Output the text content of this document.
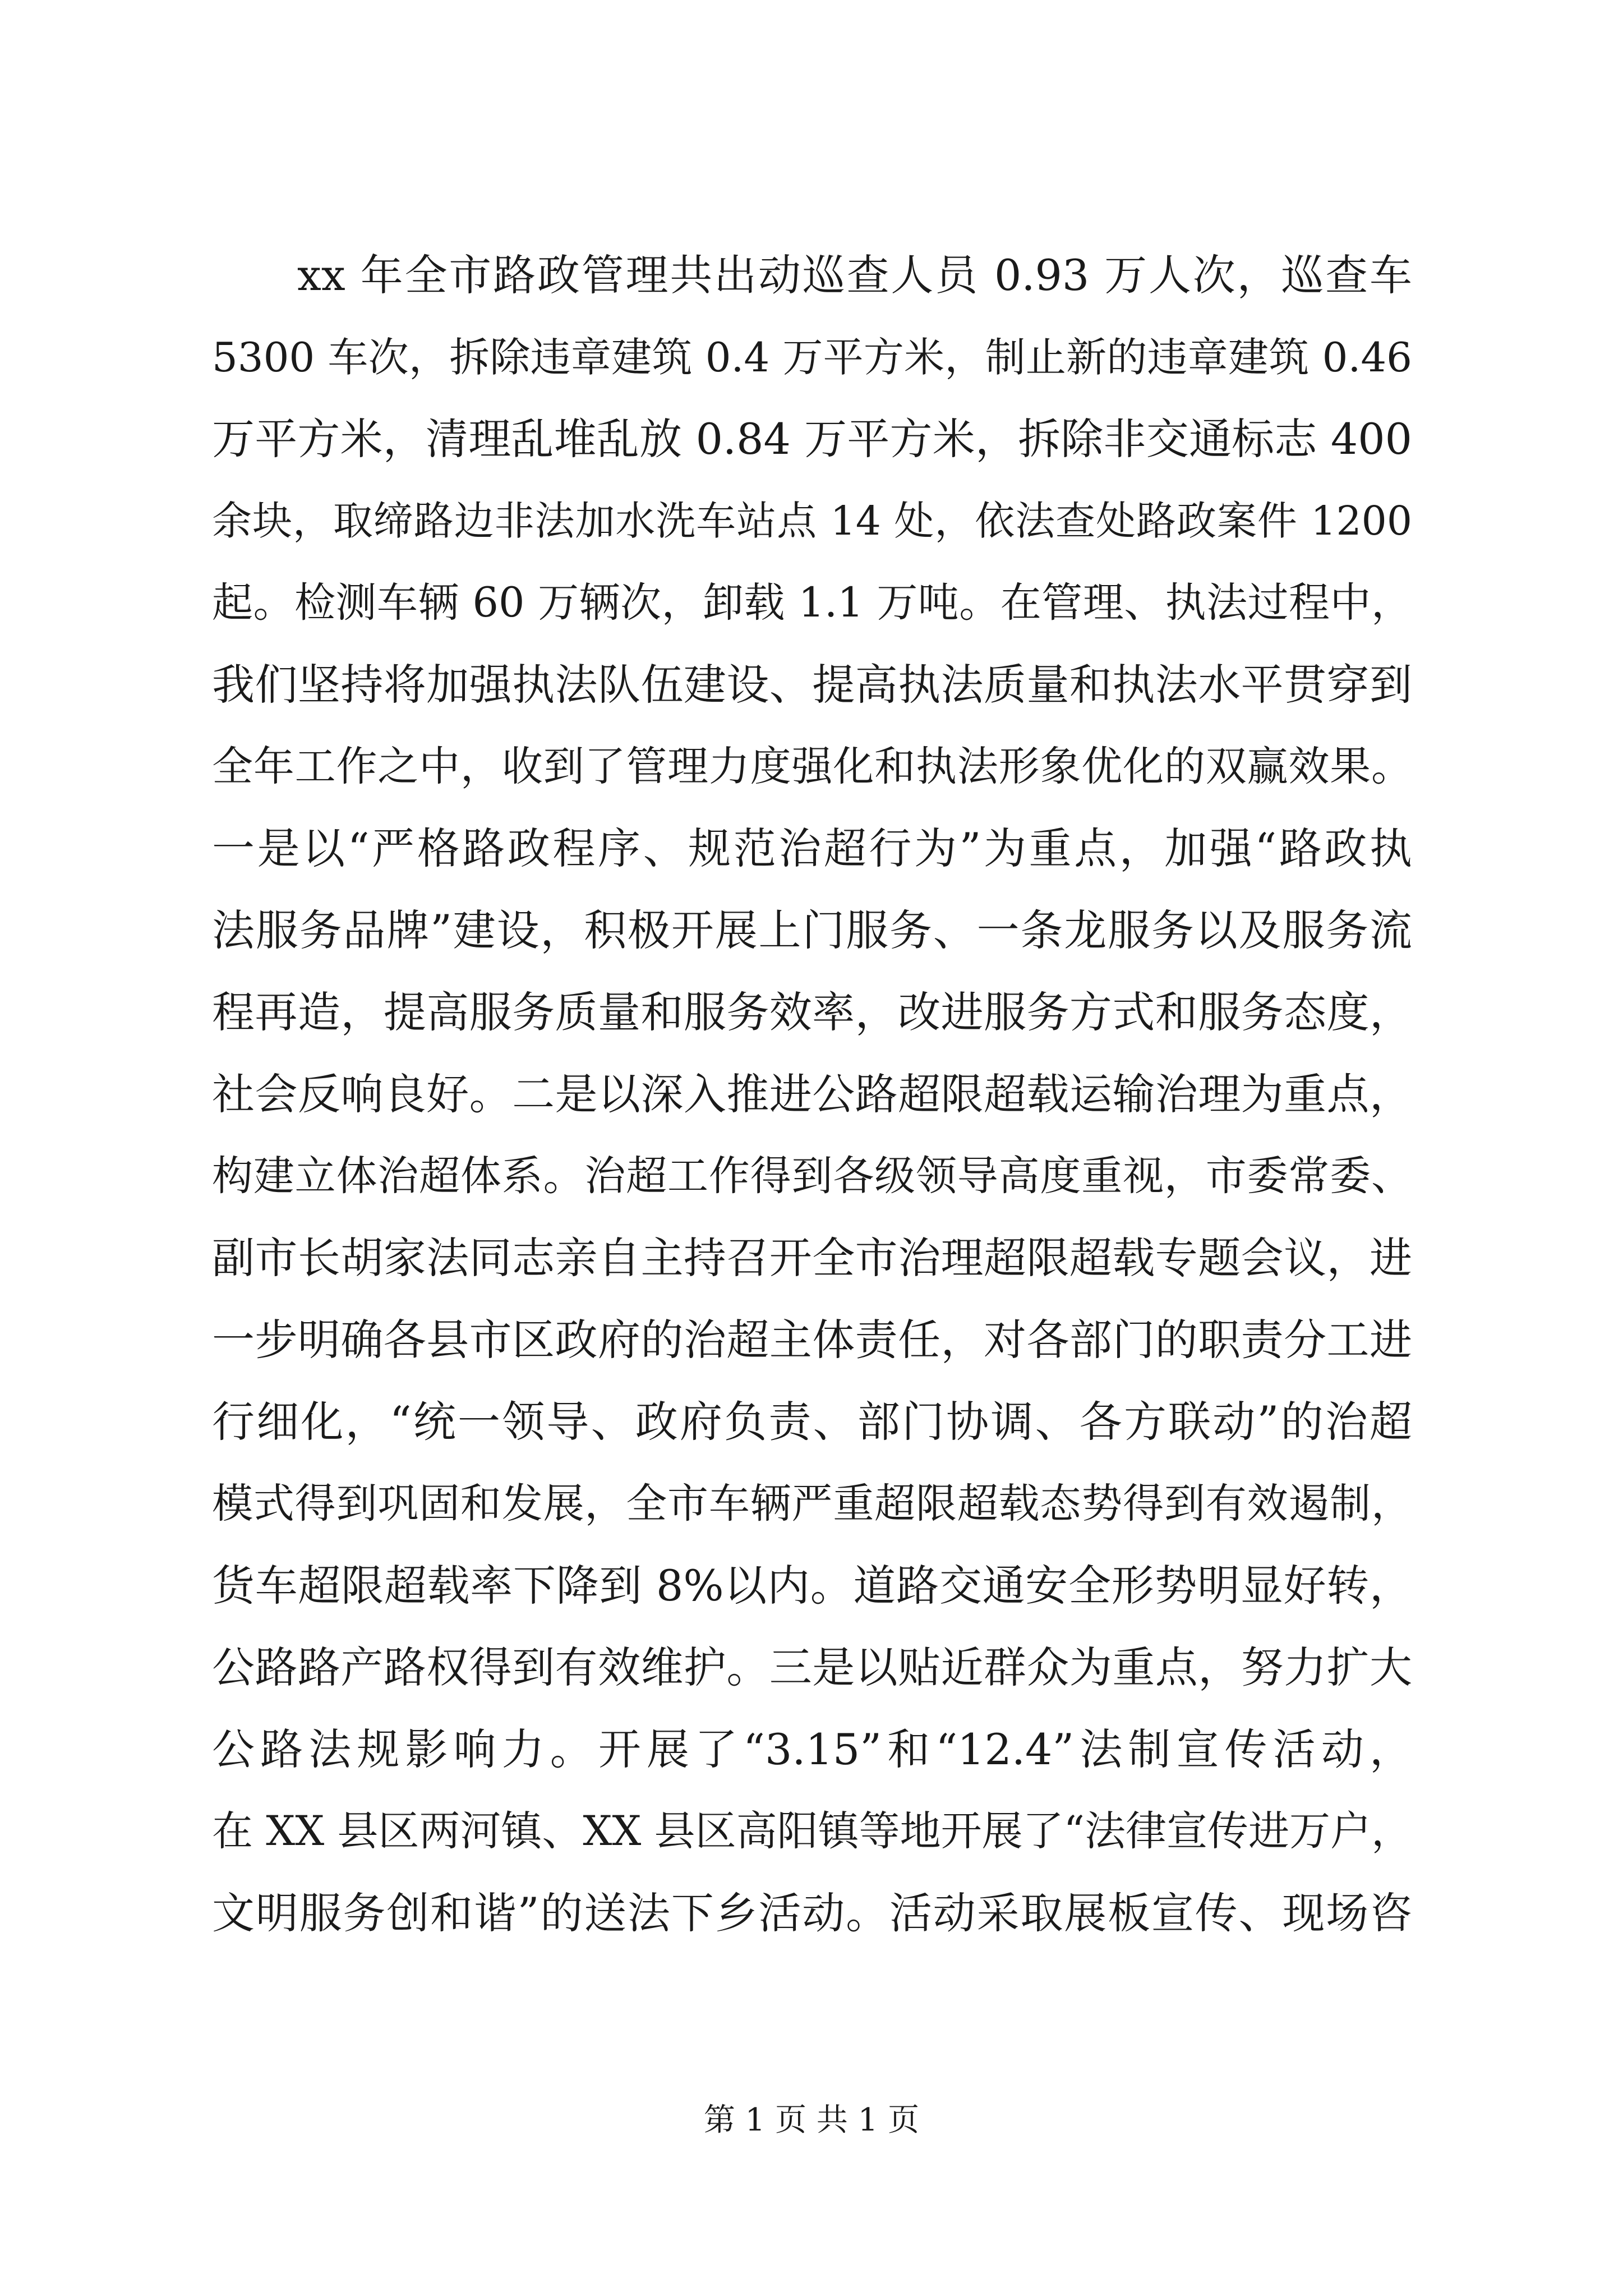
xx 年全市路政管理共出动巡查人员 0.93 万人次，巡查车
5300 车次，拆除违章建筑 0.4 万平方米，制止新的违章建筑 0.46
万平方米，清理乱堆乱放 0.84 万平方米，拆除非交通标志 400
余块，取缔路边非法加水洗车站点 14 处，依法查处路政案件 1200
起。检测车辆 60 万辆次，卸载 1.1 万吨。在管理、执法过程中，
我们坚持将加强执法队伍建设、提高执法质量和执法水平贯穿到
全年工作之中，收到了管理力度强化和执法形象优化的双赢效果。
一是以“严格路政程序、规范治超行为”为重点，加强“路政执
法服务品牌”建设，积极开展上门服务、一条龙服务以及服务流
程再造，提高服务质量和服务效率，改进服务方式和服务态度，
社会反响良好。二是以深入推进公路超限超载运输治理为重点，
构建立体治超体系。治超工作得到各级领导高度重视，市委常委、
副市长胡家法同志亲自主持召开全市治理超限超载专题会议，进
一步明确各县市区政府的治超主体责任，对各部门的职责分工进
行细化，“统一领导、政府负责、部门协调、各方联动”的治超
模式得到巩固和发展，全市车辆严重超限超载态势得到有效遏制，
货车超限超载率下降到 8%以内。道路交通安全形势明显好转，
公路路产路权得到有效维护。三是以贴近群众为重点，努力扩大
公路法规影响力。开展了“3.15”和“12.4”法制宣传活动，
在 XX 县区两河镇、XX 县区高阳镇等地开展了“法律宣传进万户，
文明服务创和谐”的送法下乡活动。活动采取展板宣传、现场咨
第 1 页 共 1 页
